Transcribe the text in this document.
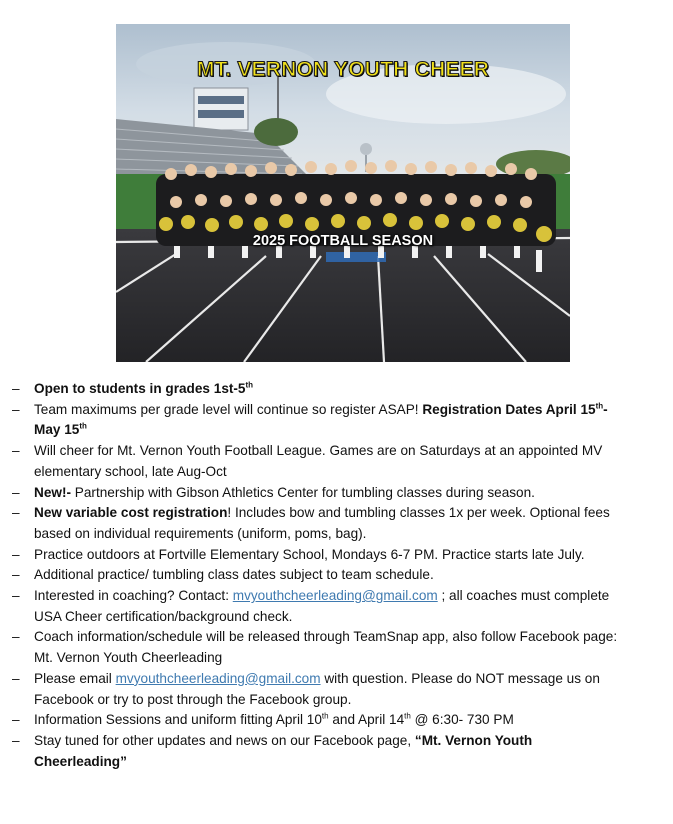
MT. VERNON YOUTH CHEER
2025 FOOTBALL SEASON
– Open to students in grades 1st-5th
– Team maximums per grade level will continue so register ASAP! Registration Dates April 15th- May 15th
– Will cheer for Mt. Vernon Youth Football League. Games are on Saturdays at an appointed MV elementary school, late Aug-Oct
– New!- Partnership with Gibson Athletics Center for tumbling classes during season.
– New variable cost registration! Includes bow and tumbling classes 1x per week. Optional fees based on individual requirements (uniform, poms, bag).
– Practice outdoors at Fortville Elementary School, Mondays 6-7 PM. Practice starts late July.
– Additional practice/ tumbling class dates subject to team schedule.
– Interested in coaching? Contact: mvyouthcheerleading@gmail.com ; all coaches must complete USA Cheer certification/background check.
– Coach information/schedule will be released through TeamSnap app, also follow Facebook page: Mt. Vernon Youth Cheerleading
– Please email mvyouthcheerleading@gmail.com with question. Please do NOT message us on Facebook or try to post through the Facebook group.
– Information Sessions and uniform fitting April 10th and April 14th @ 6:30- 730 PM
– Stay tuned for other updates and news on our Facebook page, “Mt. Vernon Youth Cheerleading”
